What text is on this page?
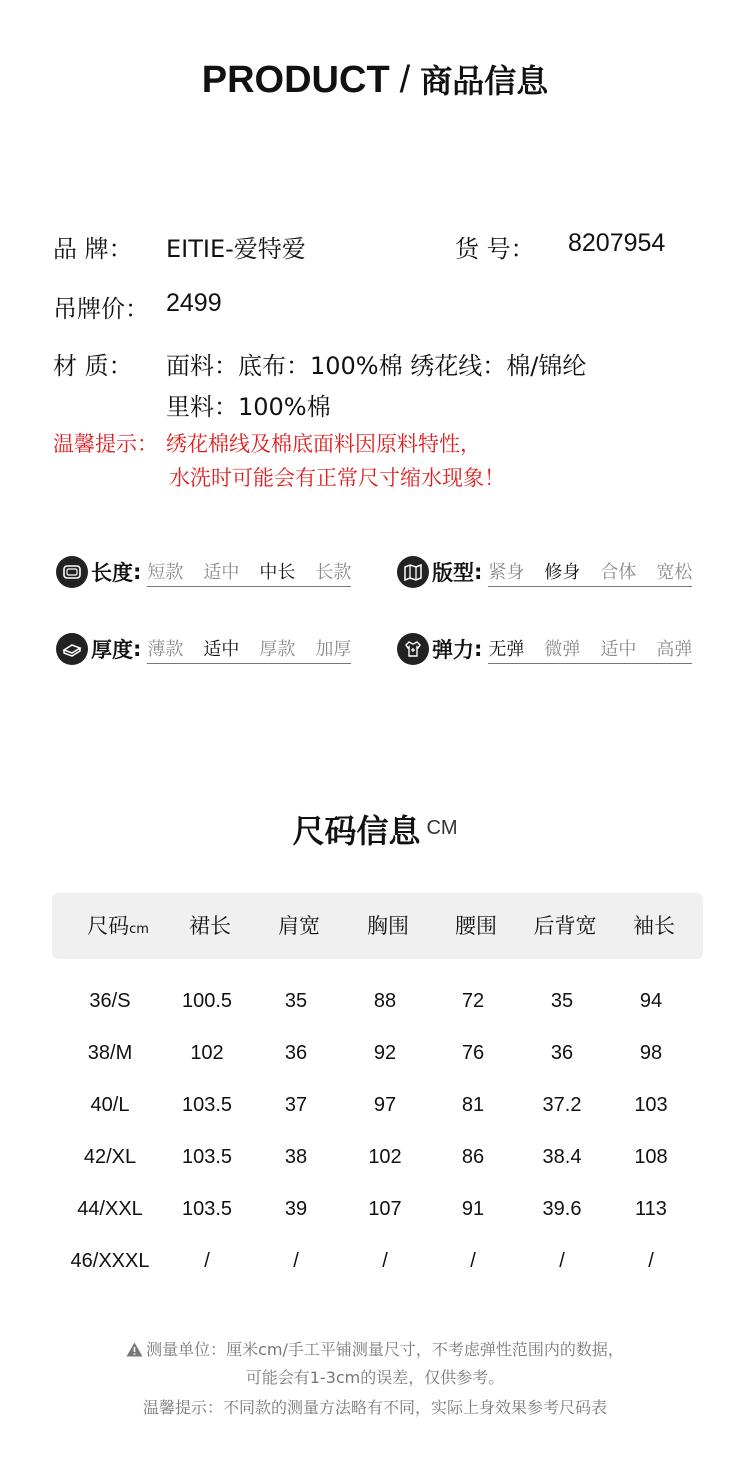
PRODUCT / 商品信息
品 牌： EITIE-爱特爱	货 号： 8207954
吊牌价： 2499
材 质： 面料：底布：100%棉 绣花线：棉/锦纶
里料：100%棉
温馨提示： 绣花棉线及棉底面料因原料特性，
水洗时可能会有正常尺寸缩水现象！
长度 : 短款 适中 中长 长款	版型 : 紧身 修身 合体 宽松
厚度 : 薄款 适中 厚款 加厚	弹力 : 无弹 微弹 适中 高弹
尺码信息 CM
尺码cm	裙长	肩宽	胸围	腰围	后背宽	袖长
36/S	100.5	35	88	72	35	94
38/M	102	36	92	76	36	98
40/L	103.5	37	97	81	37.2	103
42/XL	103.5	38	102	86	38.4	108
44/XXL	103.5	39	107	91	39.6	113
46/XXXL	/	/	/	/	/	/
测量单位：厘米cm/手工平铺测量尺寸，不考虑弹性范围内的数据，
可能会有1-3cm的误差，仅供参考。
温馨提示：不同款的测量方法略有不同，实际上身效果参考尺码表
